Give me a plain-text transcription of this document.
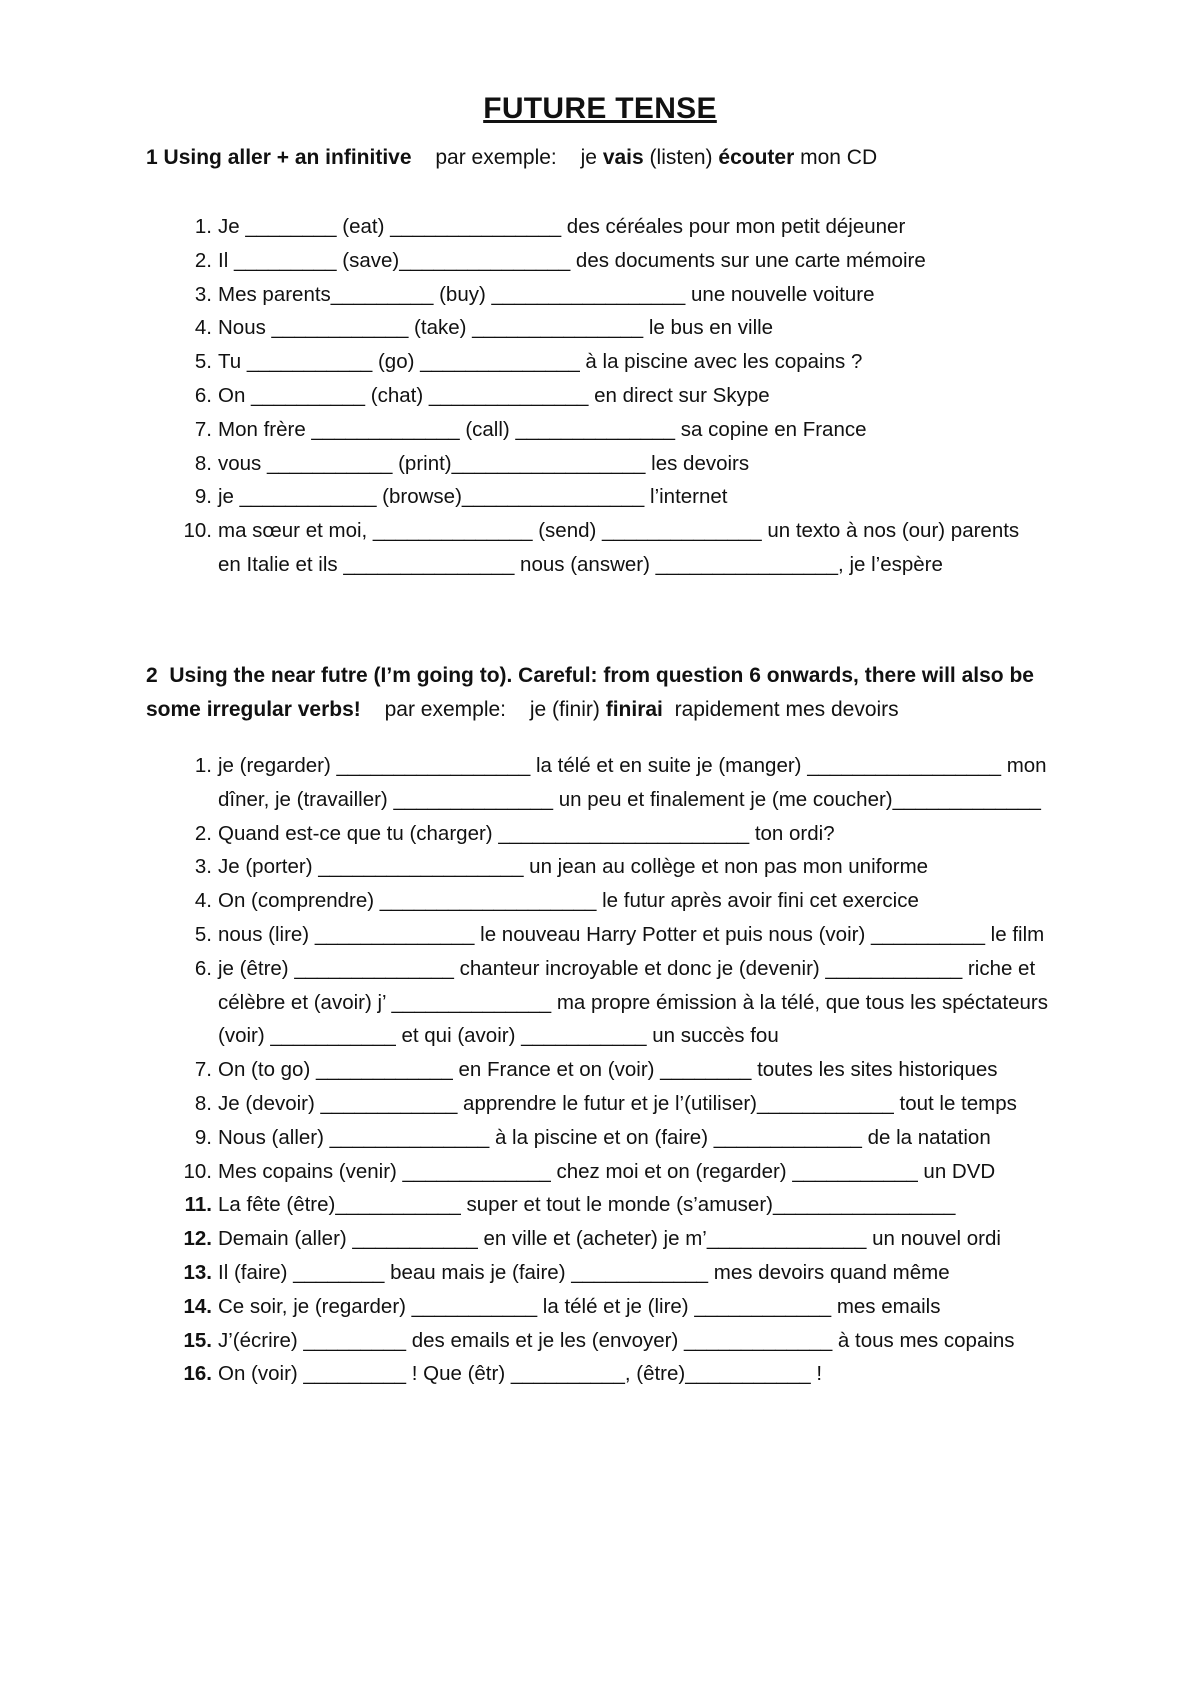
FUTURE TENSE
1 Using aller + an infinitive par exemple: je vais (listen) écouter mon CD
1. Je ________ (eat) _______________ des céréales pour mon petit déjeuner
2. Il _________ (save)_______________ des documents sur une carte mémoire
3. Mes parents_________ (buy) _________________ une nouvelle voiture
4. Nous ____________ (take) _______________ le bus en ville
5. Tu ___________ (go) ______________ à la piscine avec les copains ?
6. On __________ (chat) ______________ en direct sur Skype
7. Mon frère _____________ (call) ______________ sa copine en France
8. vous ___________ (print)_________________ les devoirs
9. je ____________ (browse)________________ l’internet
10. ma sœur et moi, ______________ (send) ______________ un texto à nos (our) parents
en Italie et ils _______________ nous (answer) ________________, je l’espère
2 Using the near futre (I’m going to). Careful: from question 6 onwards, there will also be
some irregular verbs! par exemple: je (finir) finirai rapidement mes devoirs
1. je (regarder) _________________ la télé et en suite je (manger) _________________ mon
dîner, je (travailler) ______________ un peu et finalement je (me coucher)_____________
2. Quand est-ce que tu (charger) ______________________ ton ordi?
3. Je (porter) __________________ un jean au collège et non pas mon uniforme
4. On (comprendre) ___________________ le futur après avoir fini cet exercice
5. nous (lire) ______________ le nouveau Harry Potter et puis nous (voir) __________ le film
6. je (être) ______________ chanteur incroyable et donc je (devenir) ____________ riche et
célèbre et (avoir) j’ ______________ ma propre émission à la télé, que tous les spéctateurs
(voir) ___________ et qui (avoir) ___________ un succès fou
7. On (to go) ____________ en France et on (voir) ________ toutes les sites historiques
8. Je (devoir) ____________ apprendre le futur et je l’(utiliser)____________ tout le temps
9. Nous (aller) ______________ à la piscine et on (faire) _____________ de la natation
10. Mes copains (venir) _____________ chez moi et on (regarder) ___________ un DVD
11. La fête (être)___________ super et tout le monde (s’amuser)________________
12. Demain (aller) ___________ en ville et (acheter) je m’______________ un nouvel ordi
13. Il (faire) ________ beau mais je (faire) ____________ mes devoirs quand même
14. Ce soir, je (regarder) ___________ la télé et je (lire) ____________ mes emails
15. J’(écrire) _________ des emails et je les (envoyer) _____________ à tous mes copains
16. On (voir) _________ ! Que (êtr) __________, (être)___________ !
